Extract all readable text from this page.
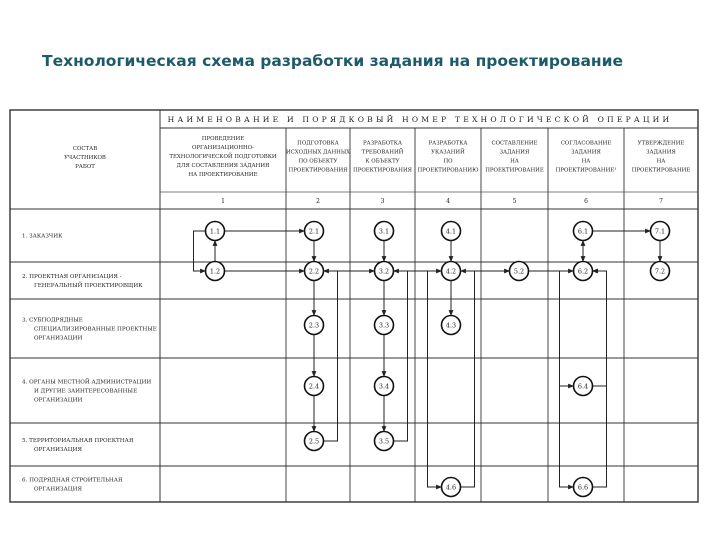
Технологическая схема разработки задания на проектирование
НАИМЕНОВАНИЕ И ПОРЯДКОВЫЙ НОМЕР ТЕХНОЛОГИЧЕСКОЙ ОПЕРАЦИИ
СОСТАВ
УЧАСТНИКОВ
РАБОТ
ПРОВЕДЕНИЕ
ОРГАНИЗАЦИОННО-
ТЕХНОЛОГИЧЕСКОЙ ПОДГОТОВКИ
ДЛЯ СОСТАВЛЕНИЯ ЗАДАНИЯ
НА ПРОЕКТИРОВАНИЕ
1
ПОДГОТОВКА
ИСХОДНЫХ ДАННЫХ
ПО ОБЪЕКТУ
ПРОЕКТИРОВАНИЯ
2
РАЗРАБОТКА
ТРЕБОВАНИЙ
К ОБЪЕКТУ
ПРОЕКТИРОВАНИЯ
3
РАЗРАБОТКА
УКАЗАНИЙ
ПО
ПРОЕКТИРОВАНИЮ
4
СОСТАВЛЕНИЕ
ЗАДАНИЯ
НА
ПРОЕКТИРОВАНИЕ
5
СОГЛАСОВАНИЕ
ЗАДАНИЯ
НА
ПРОЕКТИРОВАНИЕ¹
6
УТВЕРЖДЕНИЕ
ЗАДАНИЯ
НА
ПРОЕКТИРОВАНИЕ
7
1. ЗАКАЗЧИК
2. ПРОЕКТНАЯ ОРГАНИЗАЦИЯ -
ГЕНЕРАЛЬНЫЙ ПРОЕКТИРОВЩИК
3. СУБПОДРЯДНЫЕ
СПЕЦИАЛИЗИРОВАННЫЕ ПРОЕКТНЫЕ
ОРГАНИЗАЦИИ
4. ОРГАНЫ МЕСТНОЙ АДМИНИСТРАЦИИ
И ДРУГИЕ ЗАИНТЕРЕСОВАННЫЕ
ОРГАНИЗАЦИИ
5. ТЕРРИТОРИАЛЬНАЯ ПРОЕКТНАЯ
ОРГАНИЗАЦИЯ
6. ПОДРЯДНАЯ СТРОИТЕЛЬНАЯ
ОРГАНИЗАЦИЯ
1.1
1.2
2.1
2.2
2.3
2.4
2.5
3.1
3.2
3.3
3.4
3.5
4.1
4.2
4.3
4.6
5.2
6.1
6.2
6.4
6.6
7.1
7.2
